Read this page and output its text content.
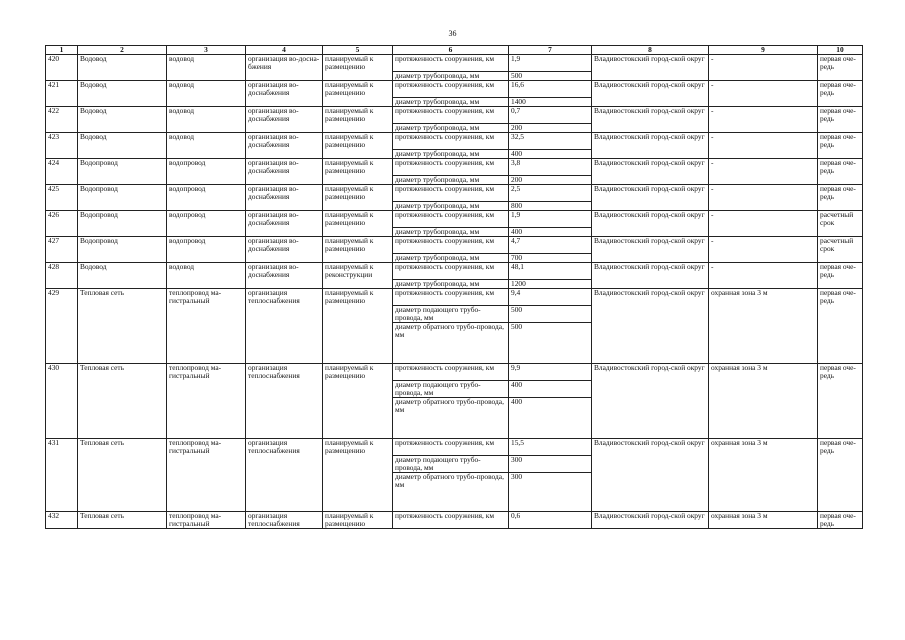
36
1	2	3	4	5	6	7	8	9	10
420	Водовод	водовод	организация во-доснабжения	планируемый к размещению	протяженность сооружения, км	1,9	Владивостокский город-ской округ	-	первая оче-редь
					диаметр трубопровода, мм	500			
421	Водовод	водовод	организация во-доснабжения	планируемый к размещению	протяженность сооружения, км	16,6	Владивостокский город-ской округ	-	первая оче-редь
					диаметр трубопровода, мм	1400			
422	Водовод	водовод	организация во-доснабжения	планируемый к размещению	протяженность сооружения, км	0,7	Владивостокский город-ской округ	-	первая оче-редь
					диаметр трубопровода, мм	200			
423	Водовод	водовод	организация во-доснабжения	планируемый к размещению	протяженность сооружения, км	32,5	Владивостокский город-ской округ	-	первая оче-редь
					диаметр трубопровода, мм	400			
424	Водопровод	водопровод	организация во-доснабжения	планируемый к размещению	протяженность сооружения, км	3,8	Владивостокский город-ской округ	-	первая оче-редь
					диаметр трубопровода, мм	200			
425	Водопровод	водопровод	организация во-доснабжения	планируемый к размещению	протяженность сооружения, км	2,5	Владивостокский город-ской округ	-	первая оче-редь
					диаметр трубопровода, мм	800			
426	Водопровод	водопровод	организация во-доснабжения	планируемый к размещению	протяженность сооружения, км	1,9	Владивостокский город-ской округ	-	расчетный срок
					диаметр трубопровода, мм	400			
427	Водопровод	водопровод	организация во-доснабжения	планируемый к размещению	протяженность сооружения, км	4,7	Владивостокский город-ской округ	-	расчетный срок
					диаметр трубопровода, мм	700			
428	Водовод	водовод	организация во-доснабжения	планируемый к реконструкции	протяженность сооружения, км	48,1	Владивостокский город-ской округ	-	первая оче-редь
					диаметр трубопровода, мм	1200			
429	Тепловая сеть	теплопровод ма-гистральный	организация теплоснабжения	планируемый к размещению	протяженность сооружения, км	9,4	Владивостокский город-ской округ	охранная зона 3 м	первая оче-редь
					диаметр подающего трубо-провода, мм	500			
					диаметр обратного трубо-провода, мм	500			
430	Тепловая сеть	теплопровод ма-гистральный	организация теплоснабжения	планируемый к размещению	протяженность сооружения, км	9,9	Владивостокский город-ской округ	охранная зона 3 м	первая оче-редь
					диаметр подающего трубо-провода, мм	400			
					диаметр обратного трубо-провода, мм	400			
431	Тепловая сеть	теплопровод ма-гистральный	организация теплоснабжения	планируемый к размещению	протяженность сооружения, км	15,5	Владивостокский город-ской округ	охранная зона 3 м	первая оче-редь
					диаметр подающего трубо-провода, мм	300			
					диаметр обратного трубо-провода, мм	300			
432	Тепловая сеть	теплопровод ма-гистральный	организация теплоснабжения	планируемый к размещению	протяженность сооружения, км	0,6	Владивостокский город-ской округ	охранная зона 3 м	первая оче-редь
